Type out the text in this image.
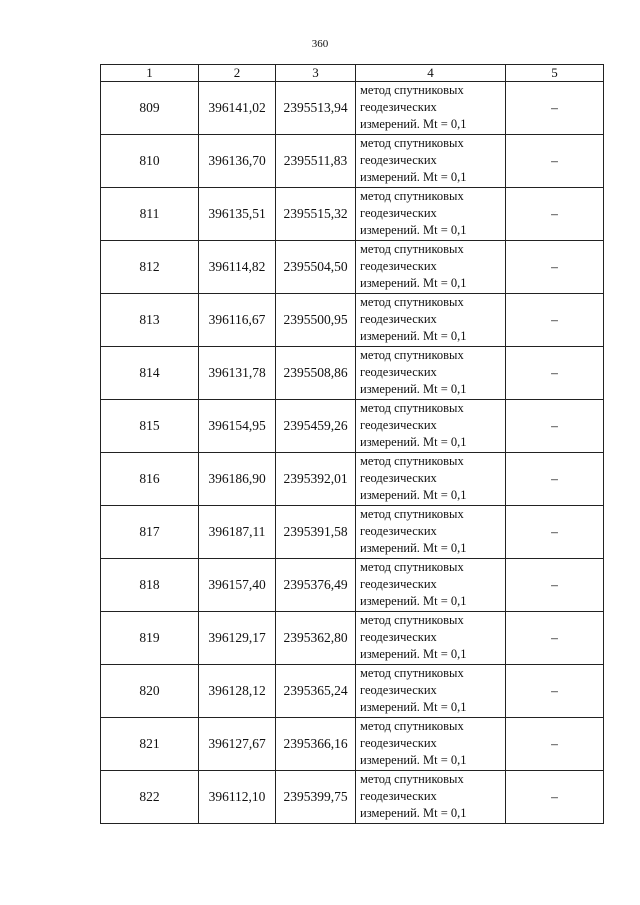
360
1	2	3	4	5
809	396141,02	2395513,94	метод спутниковых
геодезических
измерений. Mt = 0,1	–
810	396136,70	2395511,83	метод спутниковых
геодезических
измерений. Mt = 0,1	–
811	396135,51	2395515,32	метод спутниковых
геодезических
измерений. Mt = 0,1	–
812	396114,82	2395504,50	метод спутниковых
геодезических
измерений. Mt = 0,1	–
813	396116,67	2395500,95	метод спутниковых
геодезических
измерений. Mt = 0,1	–
814	396131,78	2395508,86	метод спутниковых
геодезических
измерений. Mt = 0,1	–
815	396154,95	2395459,26	метод спутниковых
геодезических
измерений. Mt = 0,1	–
816	396186,90	2395392,01	метод спутниковых
геодезических
измерений. Mt = 0,1	–
817	396187,11	2395391,58	метод спутниковых
геодезических
измерений. Mt = 0,1	–
818	396157,40	2395376,49	метод спутниковых
геодезических
измерений. Mt = 0,1	–
819	396129,17	2395362,80	метод спутниковых
геодезических
измерений. Mt = 0,1	–
820	396128,12	2395365,24	метод спутниковых
геодезических
измерений. Mt = 0,1	–
821	396127,67	2395366,16	метод спутниковых
геодезических
измерений. Mt = 0,1	–
822	396112,10	2395399,75	метод спутниковых
геодезических
измерений. Mt = 0,1	–
